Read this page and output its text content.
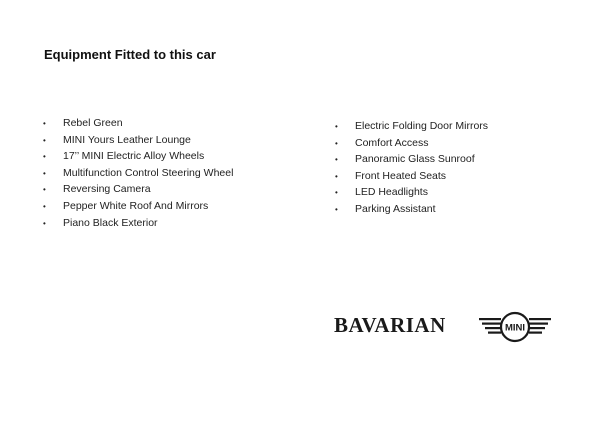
Equipment Fitted to this car
• Rebel Green
• MINI Yours Leather Lounge
• 17’’ MINI Electric Alloy Wheels
• Multifunction Control Steering Wheel
• Reversing Camera
• Pepper White Roof And Mirrors
• Piano Black Exterior
• Electric Folding Door Mirrors
• Comfort Access
• Panoramic Glass Sunroof
• Front Heated Seats
• LED Headlights
• Parking Assistant
BAVARIAN	MINI
